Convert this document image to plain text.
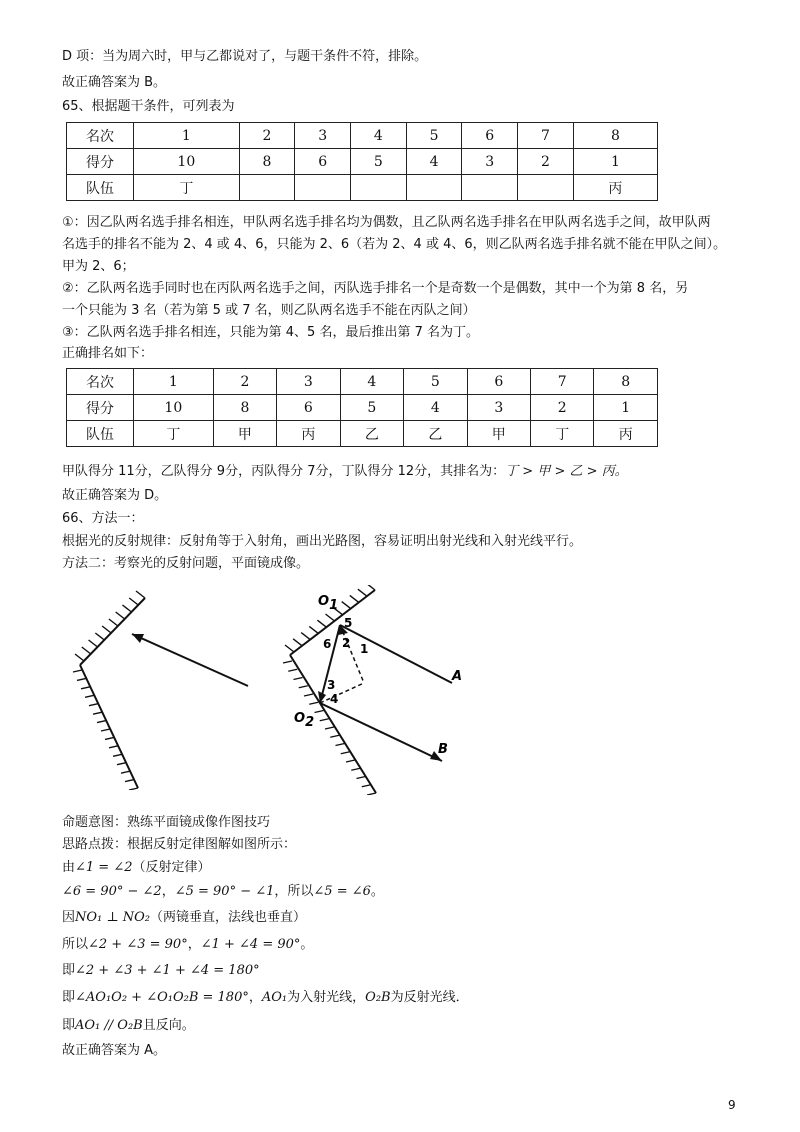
D 项：当为周六时，甲与乙都说对了，与题干条件不符，排除。
故正确答案为 B。
65、根据题干条件，可列表为
名次	1	2	3	4	5	6	7	8
得分	10	8	6	5	4	3	2	1
队伍	丁							丙
①：因乙队两名选手排名相连，甲队两名选手排名均为偶数，且乙队两名选手排名在甲队两名选手之间，故甲队两
名选手的排名不能为 2、4 或 4、6，只能为 2、6（若为 2、4 或 4、6，则乙队两名选手排名就不能在甲队之间）。
甲为 2、6；
②：乙队两名选手同时也在丙队两名选手之间，丙队选手排名一个是奇数一个是偶数，其中一个为第 8 名，另
一个只能为 3 名（若为第 5 或 7 名，则乙队两名选手不能在丙队之间）
③：乙队两名选手排名相连，只能为第 4、5 名，最后推出第 7 名为丁。
正确排名如下：
名次	1	2	3	4	5	6	7	8
得分	10	8	6	5	4	3	2	1
队伍	丁	甲	丙	乙	乙	甲	丁	丙
甲队得分 11分，乙队得分 9分，丙队得分 7分，丁队得分 12分，其排名为：丁 > 甲 > 乙 > 丙。
故正确答案为 D。
66、方法一：
根据光的反射规律：反射角等于入射角，画出光路图，容易证明出射光线和入射光线平行。
方法二：考察光的反射问题，平面镜成像。
O1
O2
A
B
5
6 2 1
3
4
命题意图：熟练平面镜成像作图技巧
思路点拨：根据反射定律图解如图所示：
由∠1 = ∠2（反射定律）
∠6 = 90° − ∠2，∠5 = 90° − ∠1，所以∠5 = ∠6。
因NO₁ ⊥ NO₂（两镜垂直，法线也垂直）
所以∠2 + ∠3 = 90°，∠1 + ∠4 = 90°。
即∠2 + ∠3 + ∠1 + ∠4 = 180°
即∠AO₁O₂ + ∠O₁O₂B = 180°，AO₁为入射光线，O₂B为反射光线．
即AO₁ // O₂B且反向。
故正确答案为 A。
9
